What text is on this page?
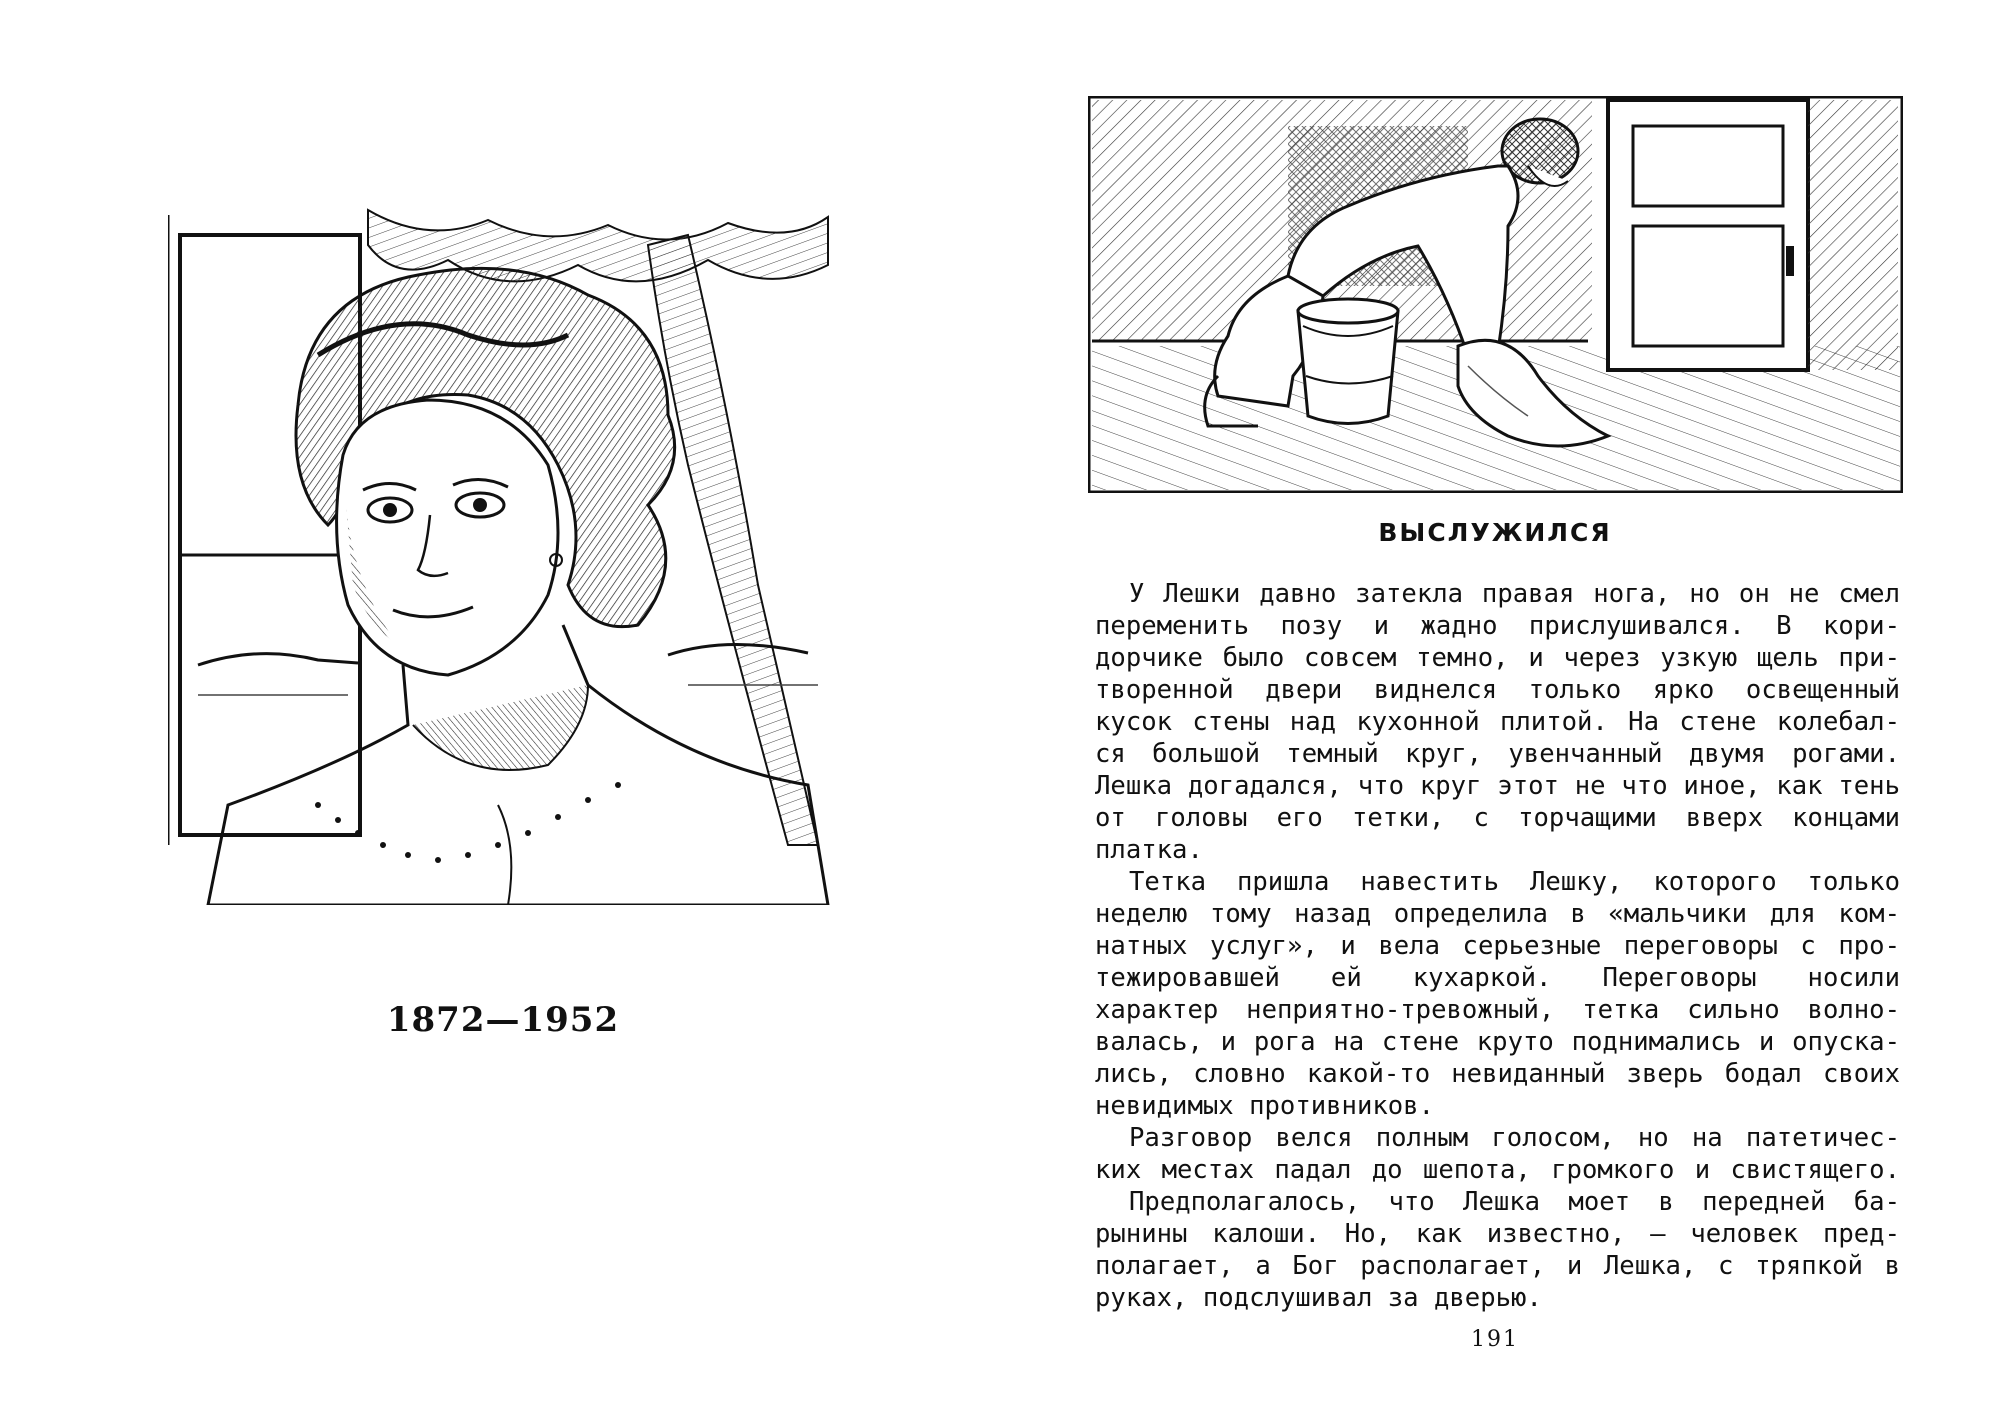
1872—1952
ВЫСЛУЖИЛСЯ

У Лешки давно затекла правая нога, но он не смел
переменить позу и жадно прислушивался. В кори-
дорчике было совсем темно, и через узкую щель при-
творенной двери виднелся только ярко освещенный
кусок стены над кухонной плитой. На стене колебал-
ся большой темный круг, увенчанный двумя рогами.
Лешка догадался, что круг этот не что иное, как тень
от головы его тетки, с торчащими вверх концами
платка.

Тетка пришла навестить Лешку, которого только
неделю тому назад определила в «мальчики для ком-
натных услуг», и вела серьезные переговоры с про-
тежировавшей ей кухаркой. Переговоры носили
характер неприятно-тревожный, тетка сильно волно-
валась, и рога на стене круто поднимались и опуска-
лись, словно какой-то невиданный зверь бодал своих
невидимых противников.

Разговор велся полным голосом, но на патетичес-
ких местах падал до шепота, громкого и свистящего.

Предполагалось, что Лешка моет в передней ба-
рынины калоши. Но, как известно, — человек пред-
полагает, а Бог располагает, и Лешка, с тряпкой в
руках, подслушивал за дверью.

191
